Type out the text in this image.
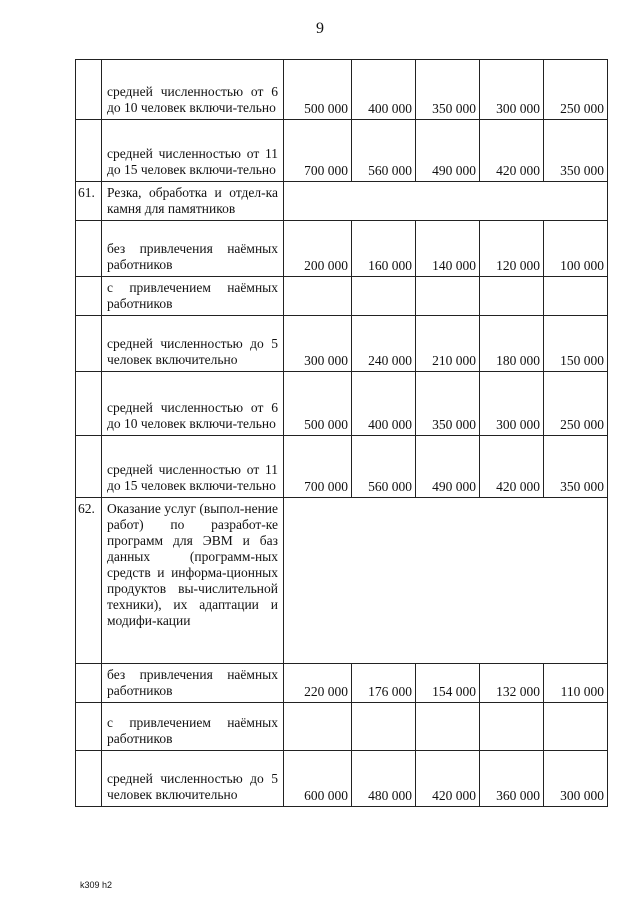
9
	средней численностью от 6 до 10 человек включи-тельно	500 000	400 000	350 000	300 000	250 000
	средней численностью от 11 до 15 человек включи-тельно	700 000	560 000	490 000	420 000	350 000
61.	Резка, обработка и отдел-ка камня для памятников					
	без привлечения наёмных работников	200 000	160 000	140 000	120 000	100 000
	с привлечением наёмных работников					
	средней численностью до 5 человек включительно	300 000	240 000	210 000	180 000	150 000
	средней численностью от 6 до 10 человек включи-тельно	500 000	400 000	350 000	300 000	250 000
	средней численностью от 11 до 15 человек включи-тельно	700 000	560 000	490 000	420 000	350 000
62.	Оказание услуг (выпол-нение работ) по разработ-ке программ для ЭВМ и баз данных (программ-ных средств и информа-ционных продуктов вы-числительной техники), их адаптации и модифи-кации					
	без привлечения наёмных работников	220 000	176 000	154 000	132 000	110 000
	с привлечением наёмных работников					
	средней численностью до 5 человек включительно	600 000	480 000	420 000	360 000	300 000
k309 h2
